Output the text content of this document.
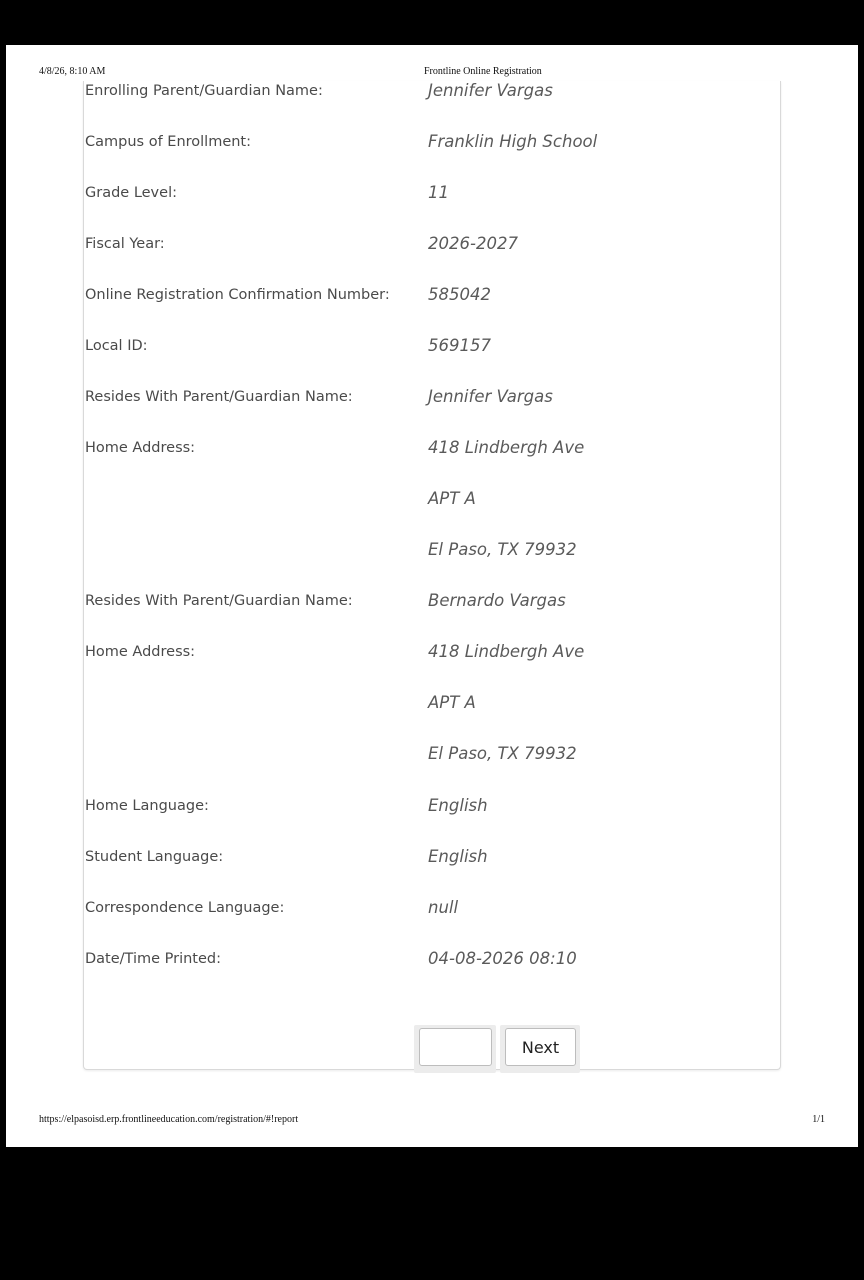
4/8/26, 8:10 AM	Frontline Online Registration
Enrolling Parent/Guardian Name:	Jennifer Vargas
Campus of Enrollment:	Franklin High School
Grade Level:	11
Fiscal Year:	2026-2027
Online Registration Confirmation Number: 585042
Local ID:	569157
Resides With Parent/Guardian Name:	Jennifer Vargas
Home Address:	418 Lindbergh Ave
APT A
El Paso, TX 79932
Resides With Parent/Guardian Name:	Bernardo Vargas
Home Address:	418 Lindbergh Ave
APT A
El Paso, TX 79932
Home Language:	English
Student Language:	English
Correspondence Language:	null
Date/Time Printed:	04-08-2026 08:10
Next
https://elpasoisd.erp.frontlineeducation.com/registration/#!report	1/1
